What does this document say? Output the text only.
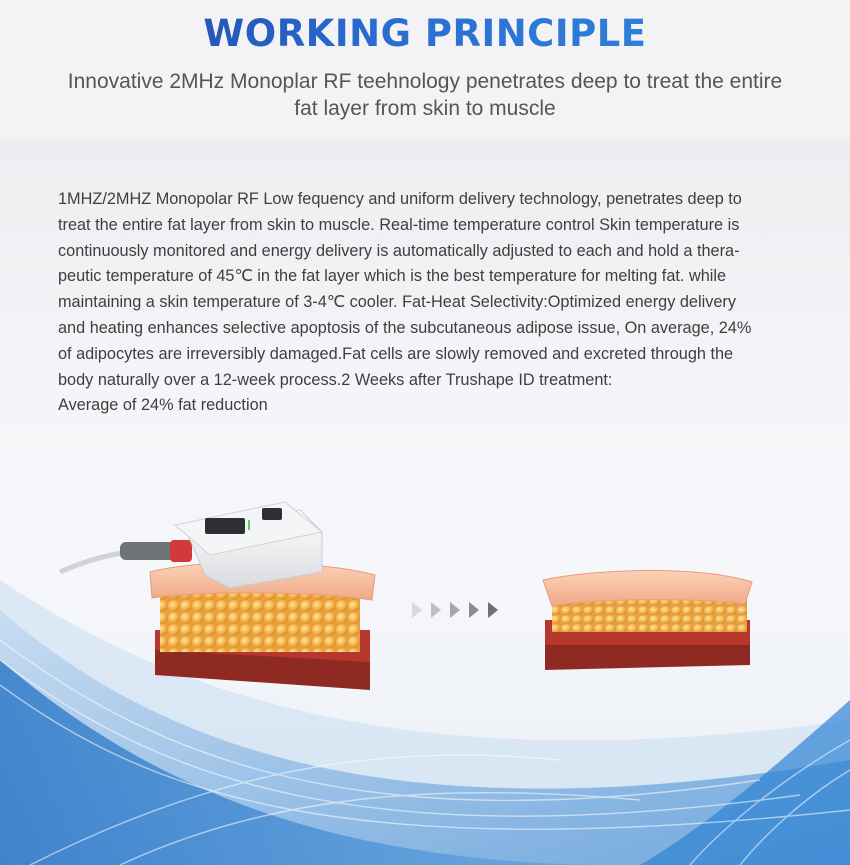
WORKING PRINCIPLE
Innovative 2MHz Monoplar RF teehnology penetrates deep to treat the entire fat layer from skin to muscle
1MHZ/2MHZ Monopolar RF Low fequency and uniform delivery technology, penetrates deep to
treat the entire fat layer from skin to muscle. Real-time temperature control Skin temperature is
continuously monitored and energy delivery is automatically adjusted to each and hold a thera-
peutic temperature of 45℃ in the fat layer which is the best temperature for melting fat. while
maintaining a skin temperature of 3-4℃ cooler. Fat-Heat Selectivity:Optimized energy delivery
and heating enhances selective apoptosis of the subcutaneous adipose issue, On average, 24%
of adipocytes are irreversibly damaged.Fat cells are slowly removed and excreted through the
body naturally over a 12-week process.2 Weeks after Trushape ID treatment:
Average of 24% fat reduction
